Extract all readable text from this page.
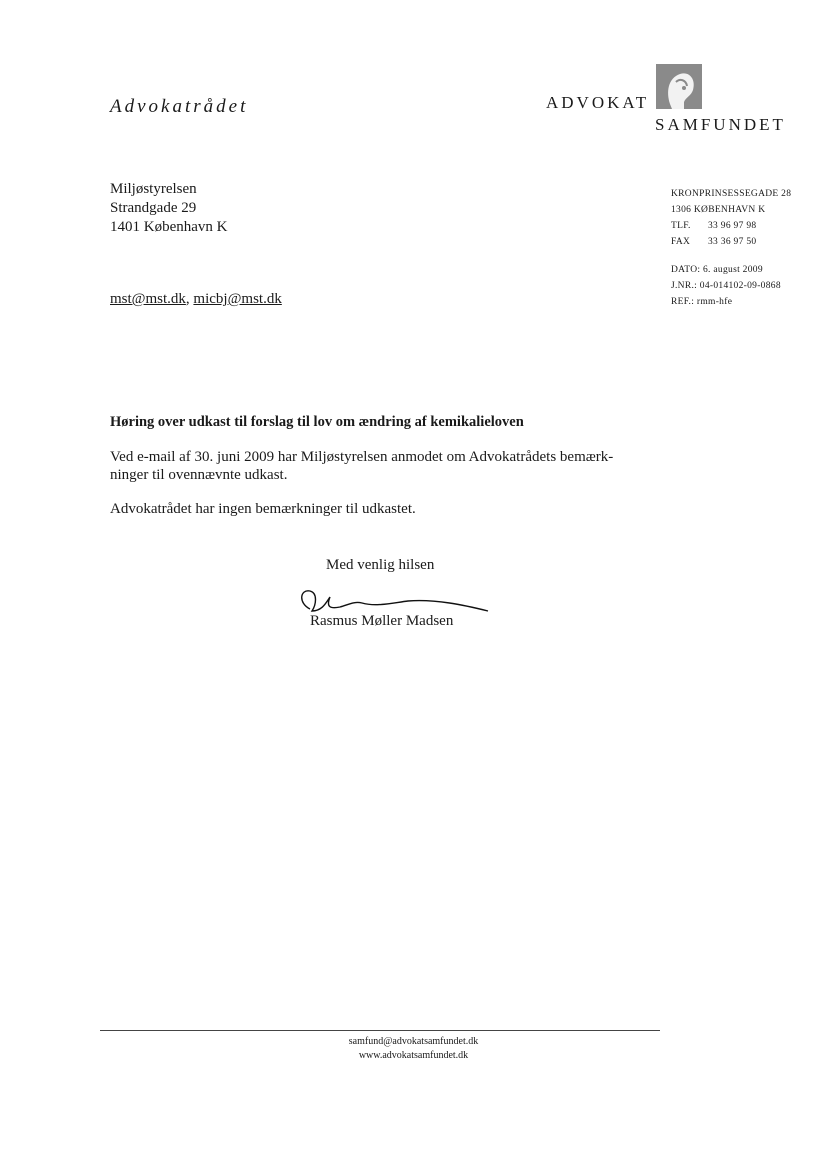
Advokatrådet	ADVOKAT
SAMFUNDET
Miljøstyrelsen
Strandgade 29
1401 København K
mst@mst.dk, micbj@mst.dk
KRONPRINSESSEGADE 28
1306 KØBENHAVN K
TLF. 33 96 97 98
FAX 33 36 97 50
DATO: 6. august 2009
J.NR.: 04-014102-09-0868
REF.: rmm-hfe
Høring over udkast til forslag til lov om ændring af kemikalieloven
Ved e-mail af 30. juni 2009 har Miljøstyrelsen anmodet om Advokatrådets bemærk-
ninger til ovennævnte udkast.
Advokatrådet har ingen bemærkninger til udkastet.
Med venlig hilsen
Rasmus Møller Madsen
samfund@advokatsamfundet.dk
www.advokatsamfundet.dk
